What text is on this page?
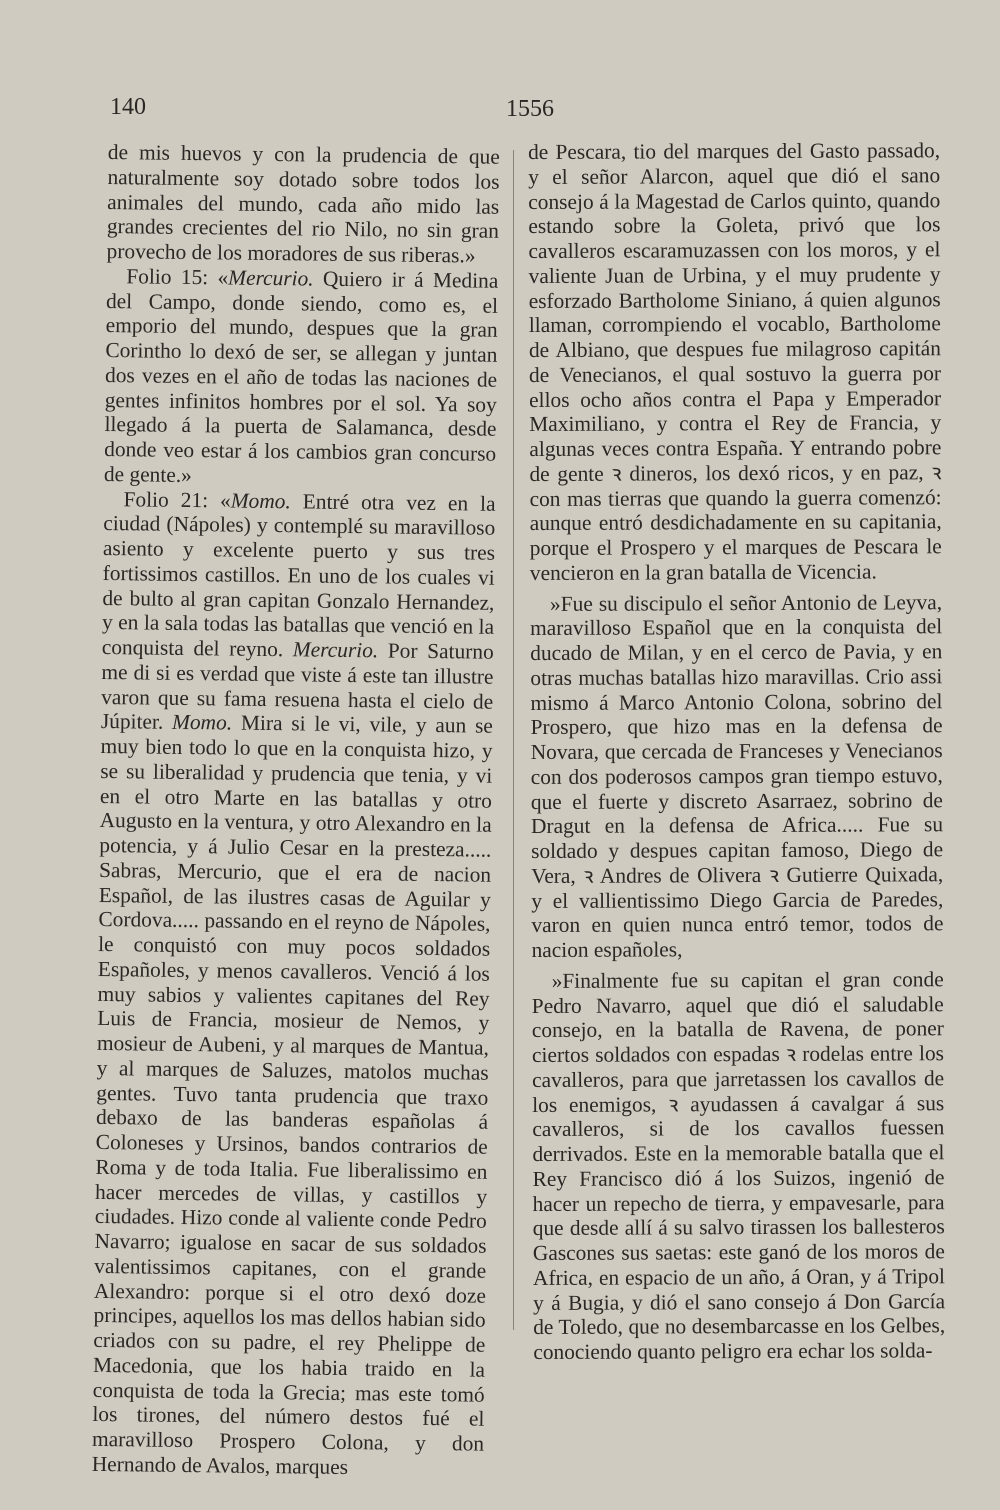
140	1556

de mis huevos y con la prudencia de que naturalmente soy dotado sobre todos los animales del mundo, cada año mido las grandes crecientes del rio Nilo, no sin gran provecho de los moradores de sus riberas.»

Folio 15: «Mercurio. Quiero ir á Medina del Campo, donde siendo, como es, el emporio del mundo, despues que la gran Corintho lo dexó de ser, se allegan y juntan dos vezes en el año de todas las naciones de gentes infinitos hombres por el sol. Ya soy llegado á la puerta de Salamanca, desde donde veo estar á los cambios gran concurso de gente.»

Folio 21: «Momo. Entré otra vez en la ciudad (Nápoles) y contemplé su maravilloso asiento y excelente puerto y sus tres fortissimos castillos. En uno de los cuales vi de bulto al gran capitan Gonzalo Hernandez, y en la sala todas las batallas que venció en la conquista del reyno. Mercurio. Por Saturno me di si es verdad que viste á este tan illustre varon que su fama resuena hasta el cielo de Júpiter. Momo. Mira si le vi, vile, y aun se muy bien todo lo que en la conquista hizo, y se su liberalidad y prudencia que tenia, y vi en el otro Marte en las batallas y otro Augusto en la ventura, y otro Alexandro en la potencia, y á Julio Cesar en la presteza..... Sabras, Mercurio, que el era de nacion Español, de las ilustres casas de Aguilar y Cordova..... passando en el reyno de Nápoles, le conquistó con muy pocos soldados Españoles, y menos cavalleros. Venció á los muy sabios y valientes capitanes del Rey Luis de Francia, mosieur de Nemos, y mosieur de Aubeni, y al marques de Mantua, y al marques de Saluzes, matolos muchas gentes. Tuvo tanta prudencia que traxo debaxo de las banderas españolas á Coloneses y Ursinos, bandos contrarios de Roma y de toda Italia. Fue liberalissimo en hacer mercedes de villas, y castillos y ciudades. Hizo conde al valiente conde Pedro Navarro; igualose en sacar de sus soldados valentissimos capitanes, con el grande Alexandro: porque si el otro dexó doze principes, aquellos los mas dellos habian sido criados con su padre, el rey Phelippe de Macedonia, que los habia traido en la conquista de toda la Grecia; mas este tomó los tirones, del número destos fué el maravilloso Prospero Colona, y don Hernando de Avalos, marques

de Pescara, tio del marques del Gasto passado, y el señor Alarcon, aquel que dió el sano consejo á la Magestad de Carlos quinto, quando estando sobre la Goleta, privó que los cavalleros escaramuzassen con los moros, y el valiente Juan de Urbina, y el muy prudente y esforzado Bartholome Siniano, á quien algunos llaman, corrompiendo el vocablo, Bartholome de Albiano, que despues fue milagroso capitán de Venecianos, el qual sostuvo la guerra por ellos ocho años contra el Papa y Emperador Maximiliano, y contra el Rey de Francia, y algunas veces contra España. Y entrando pobre de gente ꝛ dineros, los dexó ricos, y en paz, ꝛ con mas tierras que quando la guerra comenzó: aunque entró desdichadamente en su capitania, porque el Prospero y el marques de Pescara le vencieron en la gran batalla de Vicencia.

»Fue su discipulo el señor Antonio de Leyva, maravilloso Español que en la conquista del ducado de Milan, y en el cerco de Pavia, y en otras muchas batallas hizo maravillas. Crio assi mismo á Marco Antonio Colona, sobrino del Prospero, que hizo mas en la defensa de Novara, que cercada de Franceses y Venecianos con dos poderosos campos gran tiempo estuvo, que el fuerte y discreto Asarraez, sobrino de Dragut en la defensa de Africa..... Fue su soldado y despues capitan famoso, Diego de Vera, ꝛ Andres de Olivera ꝛ Gutierre Quixada, y el vallientissimo Diego Garcia de Paredes, varon en quien nunca entró temor, todos de nacion españoles,

»Finalmente fue su capitan el gran conde Pedro Navarro, aquel que dió el saludable consejo, en la batalla de Ravena, de poner ciertos soldados con espadas ꝛ rodelas entre los cavalleros, para que jarretassen los cavallos de los enemigos, ꝛ ayudassen á cavalgar á sus cavalleros, si de los cavallos fuessen derrivados. Este en la memorable batalla que el Rey Francisco dió á los Suizos, ingenió de hacer un repecho de tierra, y empavesarle, para que desde allí á su salvo tirassen los ballesteros Gascones sus saetas: este ganó de los moros de Africa, en espacio de un año, á Oran, y á Tripol y á Bugia, y dió el sano consejo á Don García de Toledo, que no desembarcasse en los Gelbes, conociendo quanto peligro era echar los solda-
